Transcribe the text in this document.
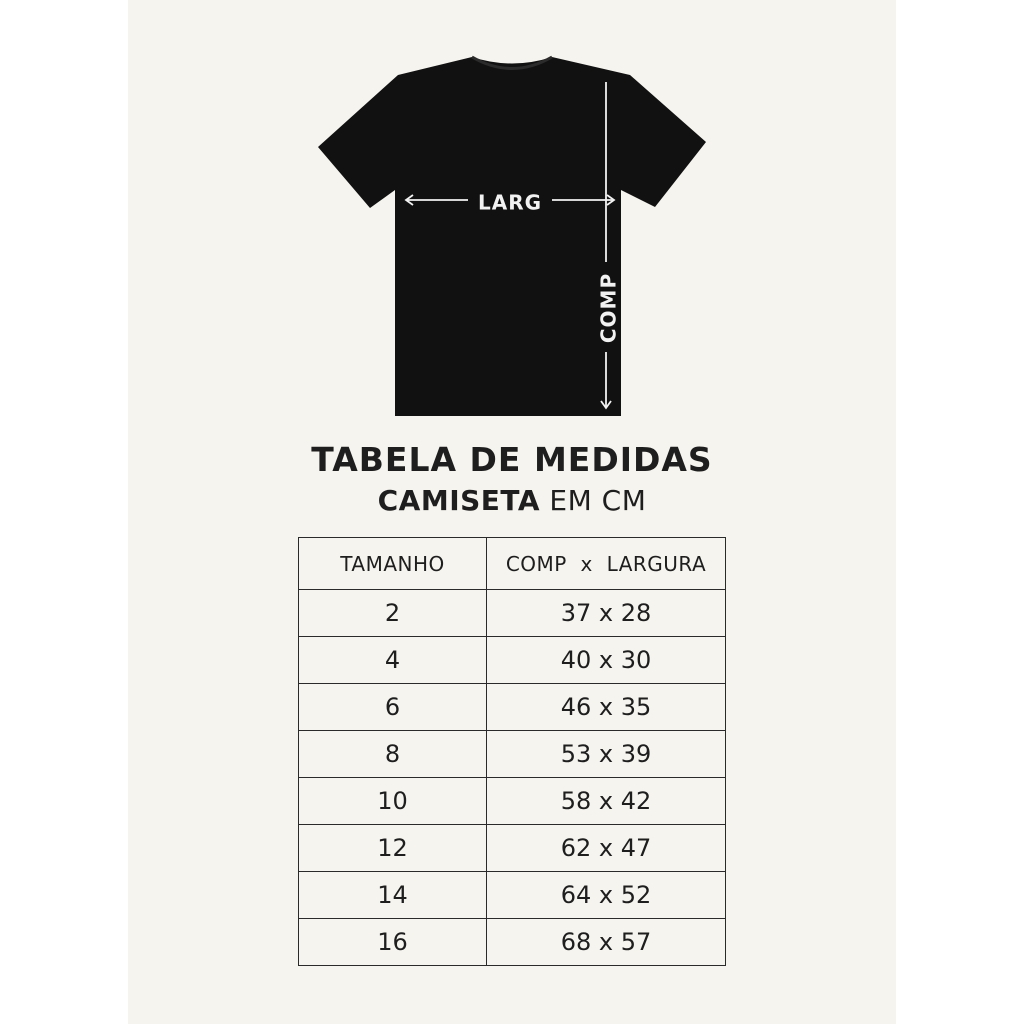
LARG
COMP
TABELA DE MEDIDAS
CAMISETA EM CM
TAMANHO	COMP  x  LARGURA
2	37 x 28
4	40 x 30
6	46 x 35
8	53 x 39
10	58 x 42
12	62 x 47
14	64 x 52
16	68 x 57
